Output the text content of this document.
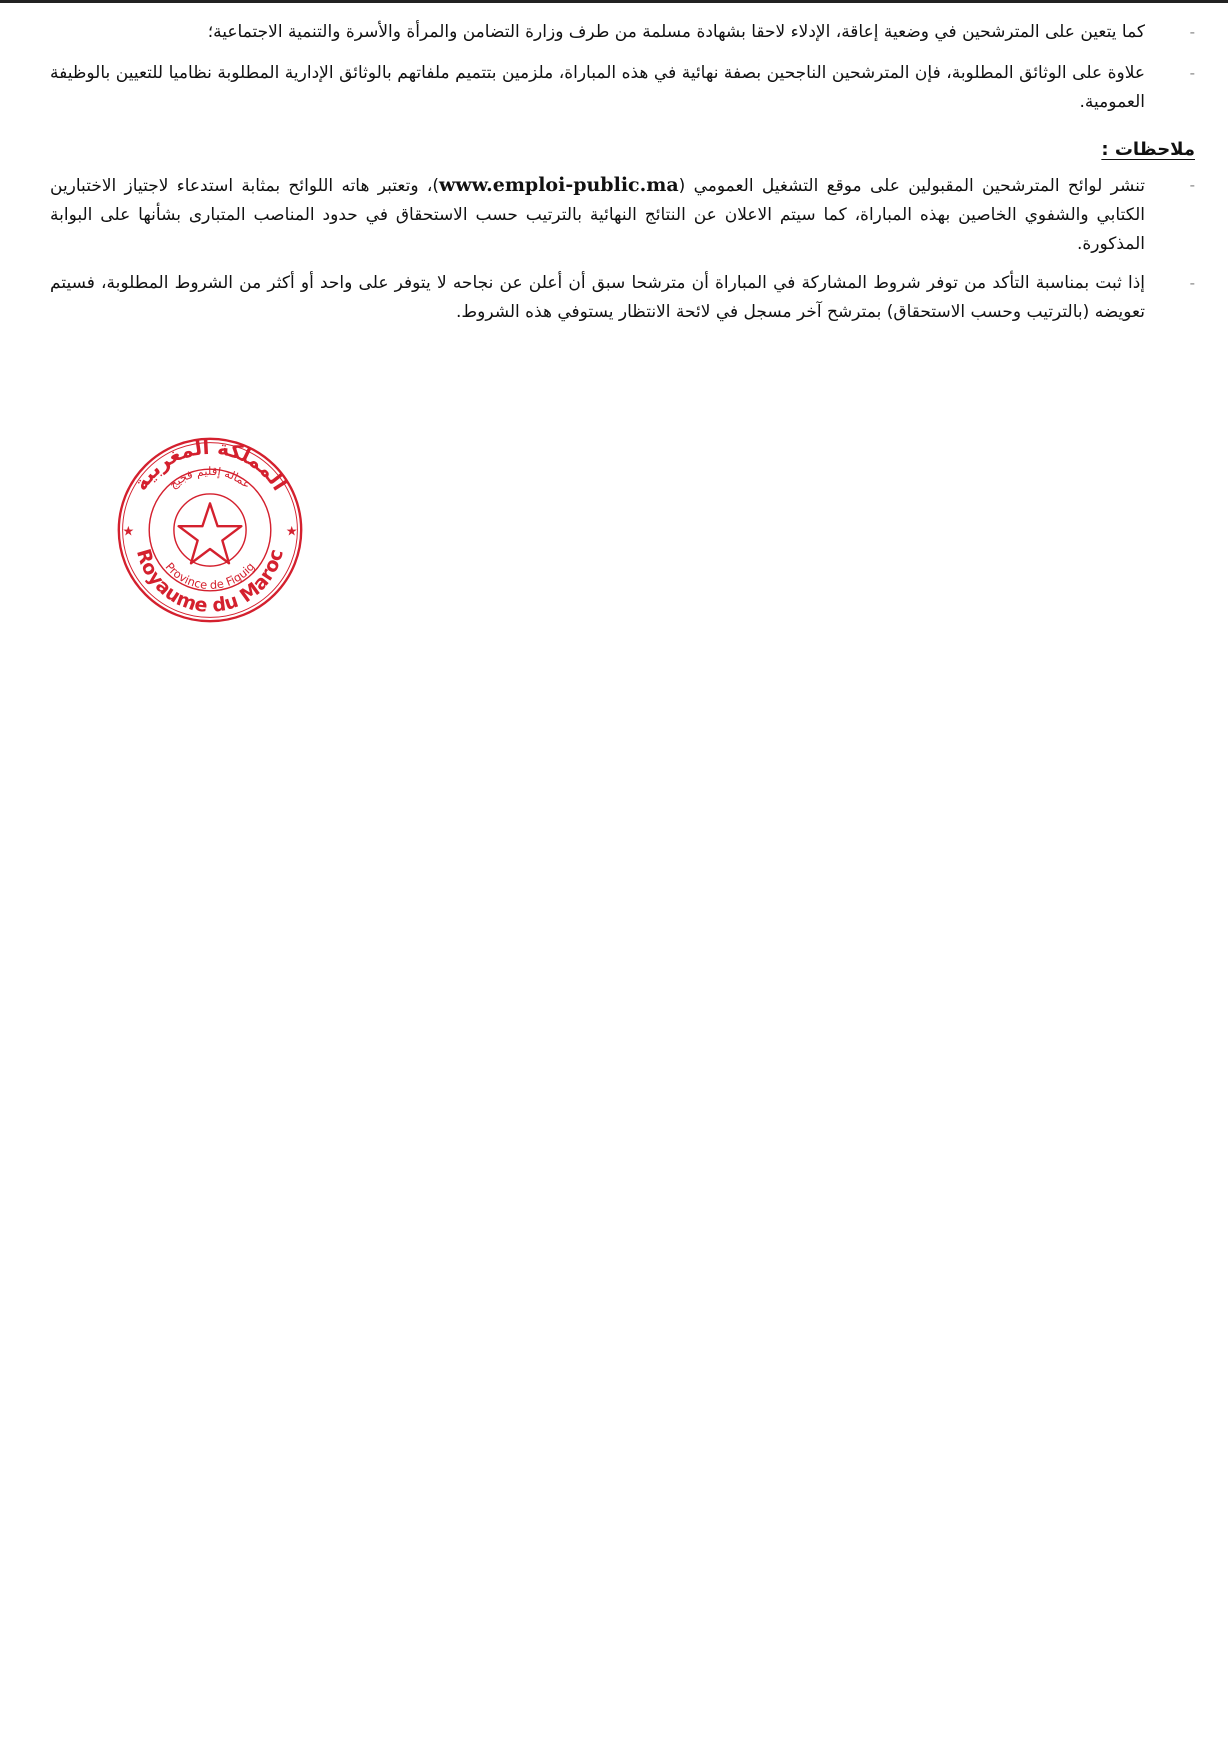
-
كما يتعين على المترشحين في وضعية إعاقة، الإدلاء لاحقا بشهادة مسلمة من طرف وزارة التضامن والمرأة والأسرة والتنمية الاجتماعية؛
-
علاوة على الوثائق المطلوبة، فإن المترشحين الناجحين بصفة نهائية في هذه المباراة، ملزمين بتتميم ملفاتهم بالوثائق الإدارية المطلوبة نظاميا للتعيين بالوظيفة العمومية.
ملاحظات :
-
تنشر لوائح المترشحين المقبولين على موقع التشغيل العمومي (www.emploi-public.ma)، وتعتبر هاته اللوائح بمثابة استدعاء لاجتياز الاختبارين الكتابي والشفوي الخاصين بهذه المباراة، كما سيتم الاعلان عن النتائج النهائية بالترتيب حسب الاستحقاق في حدود المناصب المتبارى بشأنها على البوابة المذكورة.
-
إذا ثبت بمناسبة التأكد من توفر شروط المشاركة في المباراة أن مترشحا سبق أن أعلن عن نجاحه لا يتوفر على واحد أو أكثر من الشروط المطلوبة، فسيتم تعويضه (بالترتيب وحسب الاستحقاق) بمترشح آخر مسجل في لائحة الانتظار يستوفي هذه الشروط.
المملكة المغربية
Royaume du Maroc
عمالة إقليم فجيج
Province de Figuig
★	★
